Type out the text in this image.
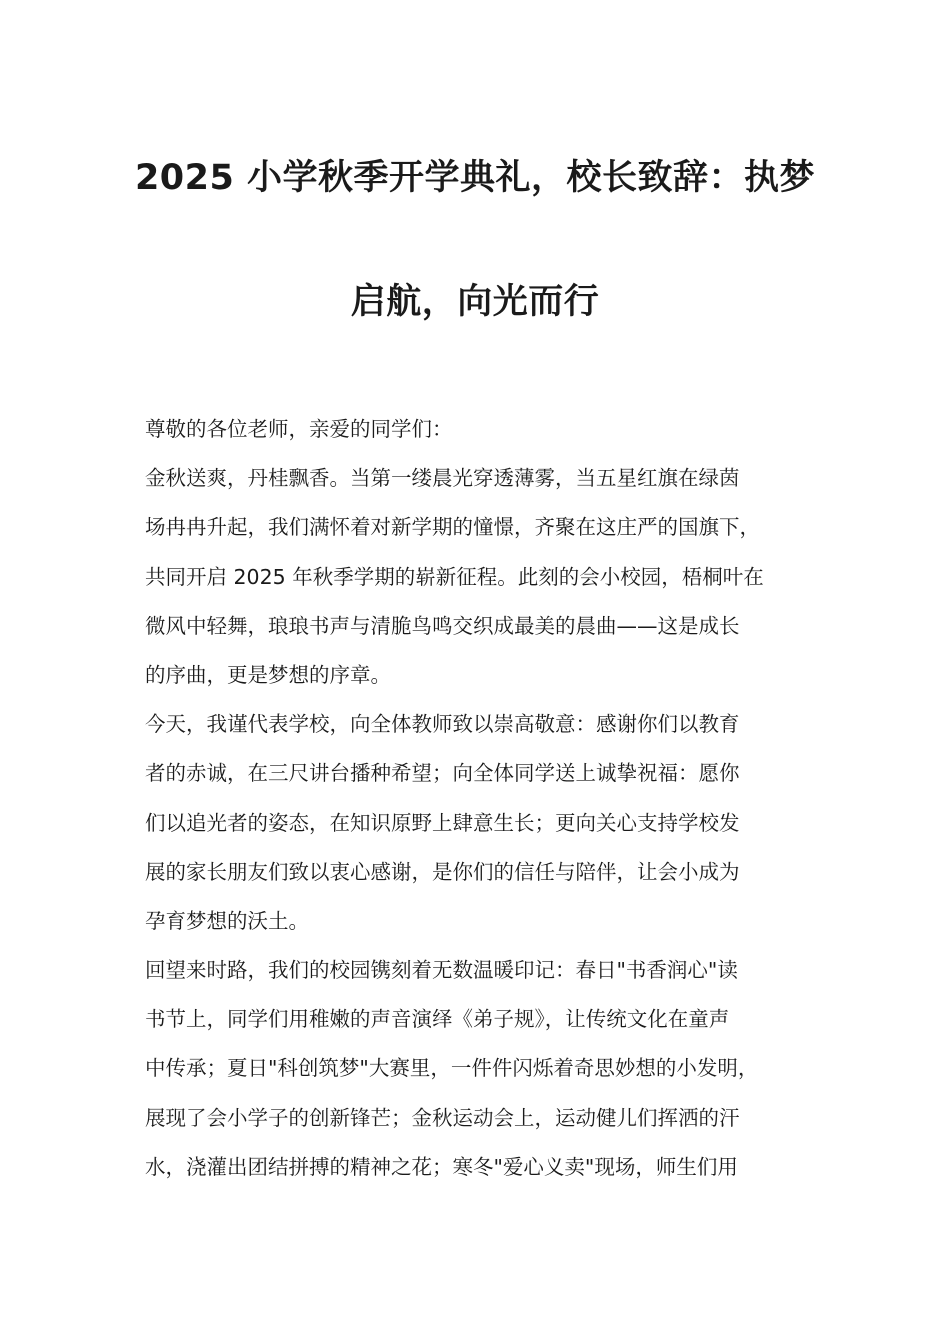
2025 小学秋季开学典礼，校长致辞：执梦
启航，向光而行
尊敬的各位老师，亲爱的同学们：
金秋送爽，丹桂飘香。当第一缕晨光穿透薄雾，当五星红旗在绿茵
场冉冉升起，我们满怀着对新学期的憧憬，齐聚在这庄严的国旗下，
共同开启 2025 年秋季学期的崭新征程。此刻的会小校园，梧桐叶在
微风中轻舞，琅琅书声与清脆鸟鸣交织成最美的晨曲——这是成长
的序曲，更是梦想的序章。
今天，我谨代表学校，向全体教师致以崇高敬意：感谢你们以教育
者的赤诚，在三尺讲台播种希望；向全体同学送上诚挚祝福：愿你
们以追光者的姿态，在知识原野上肆意生长；更向关心支持学校发
展的家长朋友们致以衷心感谢，是你们的信任与陪伴，让会小成为
孕育梦想的沃土。
回望来时路，我们的校园镌刻着无数温暖印记：春日"书香润心"读
书节上，同学们用稚嫩的声音演绎《弟子规》，让传统文化在童声
中传承；夏日"科创筑梦"大赛里，一件件闪烁着奇思妙想的小发明，
展现了会小学子的创新锋芒；金秋运动会上，运动健儿们挥洒的汗
水，浇灌出团结拼搏的精神之花；寒冬"爱心义卖"现场，师生们用
